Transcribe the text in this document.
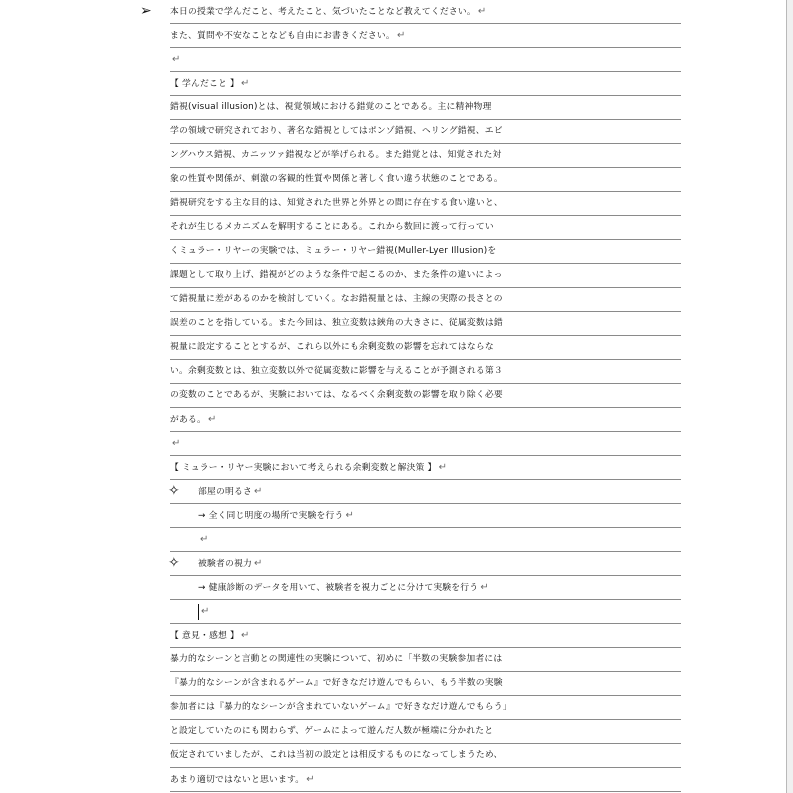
➢ 本日の授業で学んだこと、考えたこと、気づいたことなど教えてください。 ↵
また、質問や不安なことなども自由にお書きください。 ↵
↵
【 学んだこと 】 ↵
錯視(visual illusion)とは、視覚領域における錯覚のことである。主に精神物理
学の領域で研究されており、著名な錯視としてはポンゾ錯視、ヘリング錯視、エビ
ングハウス錯視、カニッツァ錯視などが挙げられる。また錯覚とは、知覚された対
象の性質や関係が、刺激の客観的性質や関係と著しく食い違う状態のことである。
錯視研究をする主な目的は、知覚された世界と外界との間に存在する食い違いと、
それが生じるメカニズムを解明することにある。これから数回に渡って行ってい
くミュラー・リヤーの実験では、ミュラー・リヤー錯視(Muller-Lyer Illusion)を
課題として取り上げ、錯視がどのような条件で起こるのか、また条件の違いによっ
て錯視量に差があるのかを検討していく。なお錯視量とは、主線の実際の長さとの
誤差のことを指している。また今回は、独立変数は鋏角の大きさに、従属変数は錯
視量に設定することとするが、これら以外にも余剰変数の影響を忘れてはならな
い。余剰変数とは、独立変数以外で従属変数に影響を与えることが予測される第３
の変数のことであるが、実験においては、なるべく余剰変数の影響を取り除く必要
がある。 ↵
↵
【 ミュラー・リヤー実験において考えられる余剰変数と解決策 】 ↵
✧ 部屋の明るさ ↵
→ 全く同じ明度の場所で実験を行う ↵
↵
✧ 被験者の視力 ↵
→ 健康診断のデータを用いて、被験者を視力ごとに分けて実験を行う ↵
↵
【 意見・感想 】 ↵
暴力的なシーンと言動との関連性の実験について、初めに「半数の実験参加者には
『暴力的なシーンが含まれるゲーム』で好きなだけ遊んでもらい、もう半数の実験
参加者には『暴力的なシーンが含まれていないゲーム』で好きなだけ遊んでもらう」
と設定していたのにも関わらず、ゲームによって遊んだ人数が極端に分かれたと
仮定されていましたが、これは当初の設定とは相反するものになってしまうため、
あまり適切ではないと思います。 ↵
